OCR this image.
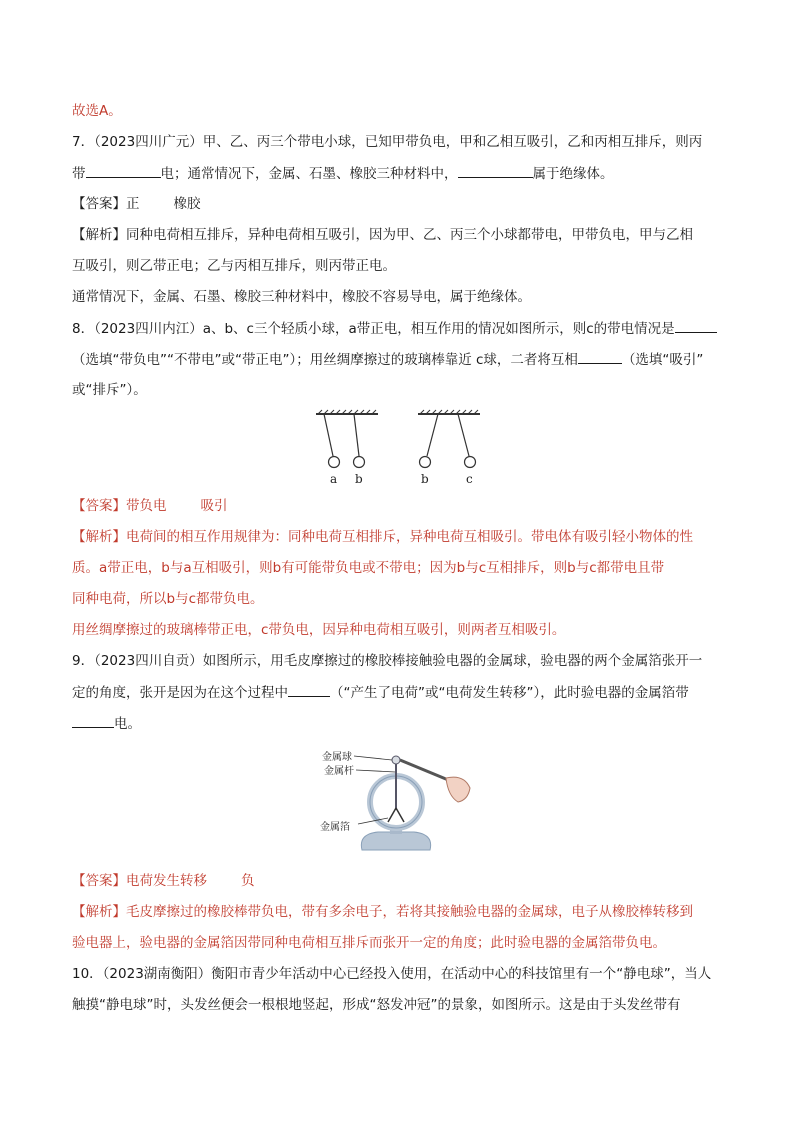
故选A。
7．（2023四川广元）甲、乙、丙三个带电小球，已知甲带负电，甲和乙相互吸引，乙和丙相互排斥，则丙
带	电；通常情况下，金属、石墨、橡胶三种材料中，	属于绝缘体。
【答案】正	橡胶
【解析】同种电荷相互排斥，异种电荷相互吸引，因为甲、乙、丙三个小球都带电，甲带负电，甲与乙相
互吸引，则乙带正电；乙与丙相互排斥，则丙带正电。
通常情况下，金属、石墨、橡胶三种材料中，橡胶不容易导电，属于绝缘体。
8．（2023四川内江）a、b、c三个轻质小球，a带正电，相互作用的情况如图所示，则c的带电情况是
（选填“带负电”“不带电”或“带正电”）；用丝绸摩擦过的玻璃棒靠近 c球，二者将互相	（选填“吸引”
或“排斥”）。
a b	b	c
【答案】带负电	吸引
【解析】电荷间的相互作用规律为：同种电荷互相排斥，异种电荷互相吸引。带电体有吸引轻小物体的性
质。a带正电，b与a互相吸引，则b有可能带负电或不带电；因为b与c互相排斥，则b与c都带电且带
同种电荷，所以b与c都带负电。
用丝绸摩擦过的玻璃棒带正电，c带负电，因异种电荷相互吸引，则两者互相吸引。
9．（2023四川自贡）如图所示，用毛皮摩擦过的橡胶棒接触验电器的金属球，验电器的两个金属箔张开一
定的角度，张开是因为在这个过程中	（“产生了电荷”或“电荷发生转移”），此时验电器的金属箔带
电。
金属球
金属杆
金属箔
【答案】电荷发生转移	负
【解析】毛皮摩擦过的橡胶棒带负电，带有多余电子，若将其接触验电器的金属球，电子从橡胶棒转移到
验电器上，验电器的金属箔因带同种电荷相互排斥而张开一定的角度；此时验电器的金属箔带负电。
10．（2023湖南衡阳）衡阳市青少年活动中心已经投入使用，在活动中心的科技馆里有一个“静电球”，当人
触摸“静电球”时，头发丝便会一根根地竖起，形成“怒发冲冠”的景象，如图所示。这是由于头发丝带有
